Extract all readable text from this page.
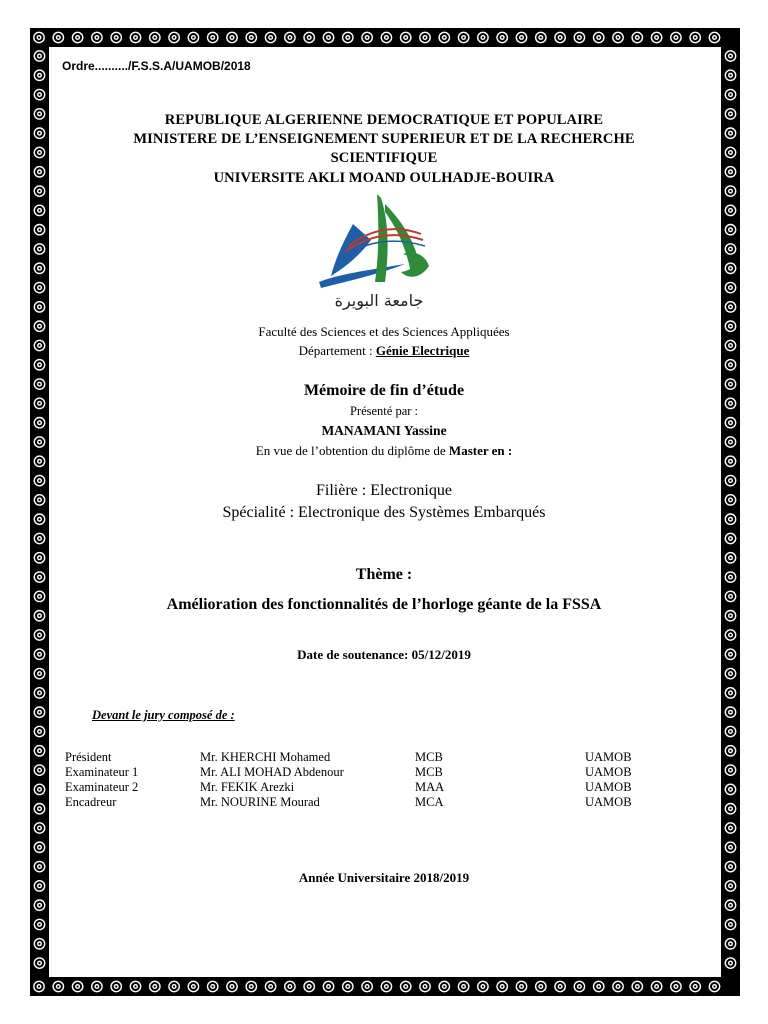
Ordre........../F.S.S.A/UAMOB/2018
REPUBLIQUE ALGERIENNE DEMOCRATIQUE ET POPULAIRE
MINISTERE DE L’ENSEIGNEMENT SUPERIEUR ET DE LA RECHERCHE
SCIENTIFIQUE
UNIVERSITE AKLI MOAND OULHADJE-BOUIRA
جامعة البويرة
Faculté des Sciences et des Sciences Appliquées
Département : Génie Electrique
Mémoire de fin d’étude
Présenté par :
MANAMANI Yassine
En vue de l’obtention du diplôme de Master en :
Filière : Electronique
Spécialité : Electronique des Systèmes Embarqués
Thème :
Amélioration des fonctionnalités de l’horloge géante de la FSSA
Date de soutenance: 05/12/2019
Devant le jury composé de :
Président	Mr. KHERCHI Mohamed	MCB	UAMOB
Examinateur 1	Mr. ALI MOHAD Abdenour	MCB	UAMOB
Examinateur 2	Mr. FEKIK Arezki	MAA	UAMOB
Encadreur	Mr. NOURINE Mourad	MCA	UAMOB
Année Universitaire 2018/2019
